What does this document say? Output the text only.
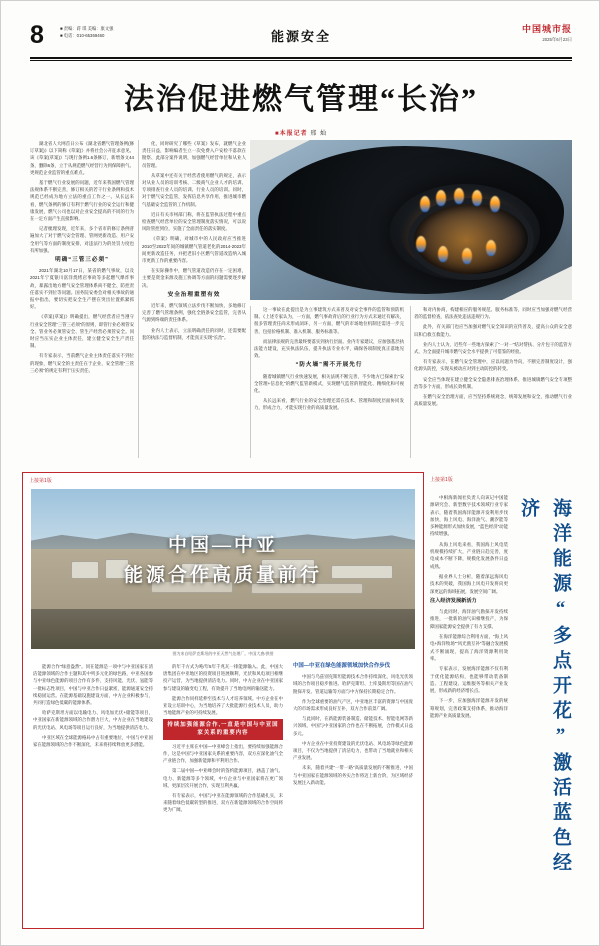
8	■ 责编：蒋 琪 美编：康文强
■ 电话：010-65369460	能源安全	中国城市报
2025年6月23日
法治促进燃气管理“长治”
■本报记者 邢 灿

湖北省人大网首日公布《湖北省燃气管理条例(修订草案)》以下简称《草案)》并将社会公开征求意见。该《草案(草案)》与现行条例1.6条修订，新增条文44条，删除6条，立于从规范燃气经营行为到保障供气、更规范企业监管的重点难点。

基于燃气行业发展的问题，近年来我国燃气管理法规体系不断完善，修订相关的若干行业条例和技术规范已经成为地方立法的重点工作之一。从长远来看，燃气条例的修订有利于燃气行业的安全运行和健康发展，燃气公司也以对企业安全提高的不同的行为在一定方面产生直接影响。

记者梳理发现，近年来，多个省市的修订条例普遍加大了对于燃气安全管理、管网更新改造、用户安全用气等方面的制度安排，对违法行为的处罚力度也有所加强。

明确“三管三必须”

2021年湖北10月17日，某省的燃气事故，以及2021年宁夏银川富洋烧烤店事故等多起燃气爆炸事故，暴露出地方燃气安全管理体系尚不健全、防控责任落实不到位等问题。国务院安委会对相关事故的通报中指出，要切实把安全生产摆在突出位置抓紧抓好。

《草案(草案)》明确提出，燃气经营者应当遵守行业安全管理“三管三必须”的原则，即管行业必须管安全、管业务必须管安全、管生产经营必须管安全。同时应当压实企业主体责任，建立健全安全生产责任制。

有专家表示，当前燃气企业主体责任落实不到位的现象，燃气安全的主责任在于企业，安全管理“三管三必须”的规定有利于压实责任。

化，同时研究了哪些《草案》发布，就燃气企业责任日益，影响编者生立一次免费入户安检不落款在勘察、此部分案件说明，加强燃气经营单位和从业人员管理。

从草案中还有关于经营者使用燃气的规定，表示对从业人员的培训考核、二级商气企业人才的培训、专项排查行业人员的培训、行业人员的培训。同时，对于燃气安全监管，发挥信息共享作用，推进城市燃气基础安全监管的工作机制。

近日有关市州部门称，将在监管执法过程中重点检查燃气经营单位的安全管理制度落实情况，可以说风险管控到位，实施了全面责任的落实制度。

《草案》明确，对城市中的人民政府应当推进2010至2022年间的城镇燃气管道老化的2014-2023年间更新改造任务，并把老旧小区燃气管道改造纳入城市更新工作的重要内容。

在实际操作中，燃气管道改造仍存在一定困难，主要是资金来源及施工协调等方面的问题需要逐步解决。

安全治理重塑有效

近年来，燃气领域立法步伐不断加快，多地修订完善了燃气管理条例，强化全链条安全监管，完善从气源到终端的责任体系。

业内人士表示，立法明确责任的同时，还需要配套的执法与监督机制，才能真正实现“长治”。

这一事故在此提出是为立事建筑方式来普及对安全事件的监管和预防机制。《上述专家认为，一方面，燃气事故背后的行业行为方式未通过有解决，很多管理责任尚未形成闭环，另一方面，燃气的市场地位机制还需进一步完善，包括价格机制、准入机制、服务标准等。

而法律法规的完善最终要落实到执行层面。业内专家建议，应加强基层执法能力建设，充实执法队伍，提升执法专业水平，确保各项制度真正落地见效。

“防火墙”需不开展先行

随着城镇燃气行业快速发展，相关法规不断完善，不少地方已探索出“安全管理+信息化”的燃气监管新模式，实现燃气监管的智能化、精细化和可视化。

从长远来看，燃气行业的安全治理还需在技术、管理和制度层面协同发力，形成合力，才能实现行业的高质量发展。

和对内协商，构建相应的服务规范、服务标准等，同时应当加强对燃气经营者的监督检查，依法查处违法违规行为。

此外，有关部门也应当加强对燃气安全知识的宣传普及，提高公众的安全意识和自救互救能力。

业内人士认为，近些年一些地方探索了“一对一”结对帮扶、分片包干的监管方式，为全面提升城市燃气安全水平提供了可借鉴的经验。

有专家表示，在燃气安全管理中，应以问题为导向，不断完善制度设计，强化源头防控，实现从被动应对到主动防控的转变。

安全应当体现在建立健全安全隐患排查治理体系、推进城镇燃气安全专项整治等多个方面，形成长效机制。

在燃气安全治理方面，应当坚持系统观念，统筹发展和安全，推动燃气行业高质量发展。

上接第1版
中国—中亚
能源合作高质量前行
图为来自哈萨克斯坦的中亚天然气处理厂。中国大唐/供图

能源合作“绿意盎然”。同在能源是一项中与中亚国家在清洁能源领域的合作主题和其中列多元化的绿色路，中亚各国参与中亚绿色能源的项目合作有多件，支持风能、光伏、氢能等一批标志性项目，中国与中亚合作日益紧密，能源通道安全持续稳固运营。在能源基础设施建设方面，中方企业积极参与，共同打造绿色低碳的能源体系。

哈萨克斯坦方面以电输电力、风电加光伏+储能等项目，中亚国家在新能源领域的合作潜力巨大，中方企业在当地建设的光伏电站、风电场等项目运行良好，为当地提供清洁电力。

中亚区域在全球能源格局中占有重要地位，中国与中亚国家在能源领域的合作不断深化，未来将持续释放更多潜能。

的年千方式为吨/年5年千兆瓦一排能源输入。此，中国大唐集团在中亚地区的投资项目进展顺利，光伏和风电项目相继投产运营，为当地提供清洁电力。同时，中方企业在中亚国家参与建设的输变电工程，有效提升了当地电网的输送能力。

能源合作同样延伸至技术与人才培养领域。中方企业在中亚设立培训中心，为当地培养了大批能源行业技术人员，助力当地能源产业的可持续发展。

持续加强能源合作,一直是中国与中亚国家关系的重要内容

习近平主席在中国—中亚峰会上指出，要持续加强能源合作，这是中国与中亚国家关系的重要内容，双方应深化油气全产业链合作，加强新能源和平利用合作。

第二届中国—中亚峰会时的签约能源项目，涵盖了油气、电力、新能源等多个领域，中方企业与中亚国家将在更广领域、更深层次开展合作，实现互利共赢。

有专家表示，中国与中亚在能源领域的合作基础扎实，未来随着绿色低碳转型的推进，双方在新能源领域的合作空间将更为广阔。

中国—中亚在绿色能源领域加快合作步伐

中国与乌兹别克斯坦能源技术合作持续深化，风电光伏领域的合作项目稳步推进。哈萨克斯坦、土库曼斯坦等国在油气勘探开发、管道运输等方面与中方保持长期稳定合作。

作为全球重要的油气产区，中亚地区丰富的资源与中国庞大的市场需求形成良好互补，双方合作前景广阔。

与此同时，在新能源装备制造、储能技术、智能电网等新兴领域，中国与中亚国家的合作也在不断拓展，合作模式日益多元。

中方企业在中亚投资建设的光伏电站、风电场等绿色能源项目，不仅为当地提供了清洁电力，也带动了当地就业和相关产业发展。

未来，随着共建“一带一路”高质量发展的不断推进，中国与中亚国家在能源领域的务实合作将迈上新台阶，为区域经济发展注入新动能。

上接第1版
海洋能源“多点开花”激活蓝色经济

中相海新闻社负责人向该记中国能源研究会、新型数字技术领域行业专家表示，随着我国海洋能源开发利用步伐加快，海上风电、海洋油气、潮汐能等多种能源形式加快发展，“蓝色经济”动能持续增强。

从海上风电来看，我国海上风电装机规模持续扩大，产业链日趋完善，度电成本不断下降，规模化发展条件日益成熟。

据业界人士分析，随着深远海风电技术的突破，我国海上风电开发将向更深更远的海域拓展，发展空间广阔。

注入经济发展新活力

与此同时，海洋油气勘探开发持续推进，一批新的油气田相继投产，为保障国家能源安全提供了有力支撑。

在海洋能源综合利用方面，“海上风电+海洋牧场”“风光渔互补”等融合发展模式不断涌现，提高了海洋资源利用效率。

专家表示，发展海洋能源不仅有利于优化能源结构，也能够带动装备制造、工程建设、运维服务等相关产业发展，形成新的经济增长点。

下一步，应加强海洋能源开发的统筹规划，完善政策支持体系，推动海洋能源产业高质量发展。
